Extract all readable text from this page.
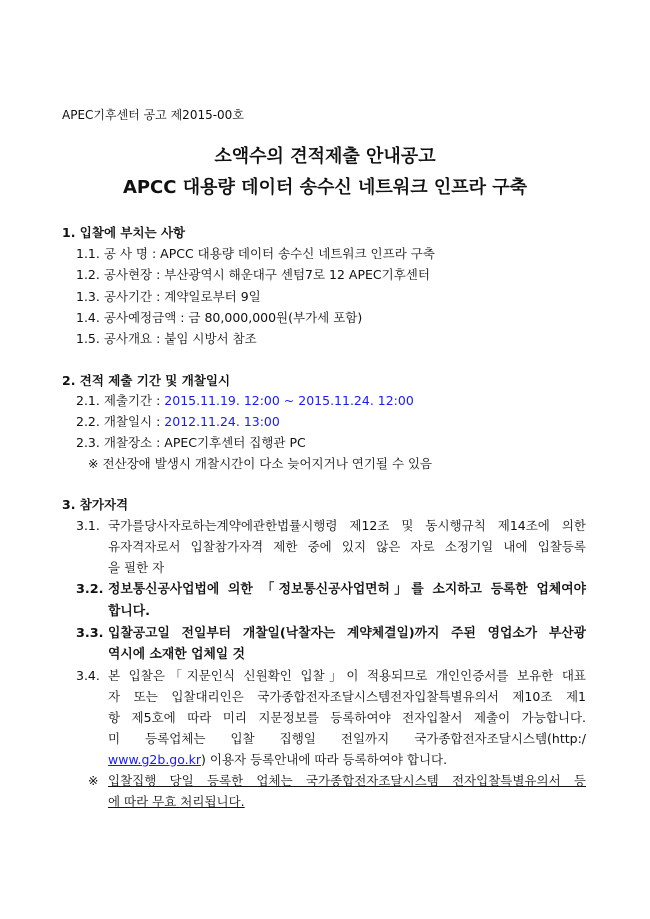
APEC기후센터 공고 제2015-00호
소액수의 견적제출 안내공고
APCC 대용량 데이터 송수신 네트워크 인프라 구축
1. 입찰에 부치는 사항
1.1. 공 사 명 : APCC 대용량 데이터 송수신 네트워크 인프라 구축
1.2. 공사현장 : 부산광역시 해운대구 센텀7로 12 APEC기후센터
1.3. 공사기간 : 계약일로부터 9일
1.4. 공사예정금액 : 금 80,000,000원(부가세 포함)
1.5. 공사개요 : 붙임 시방서 참조
2. 견적 제출 기간 및 개찰일시
2.1. 제출기간 : 2015.11.19. 12:00 ~ 2015.11.24. 12:00
2.2. 개찰일시 : 2012.11.24. 13:00
2.3. 개찰장소 : APEC기후센터 집행관 PC
※ 전산장애 발생시 개찰시간이 다소 늦어지거나 연기될 수 있음
3. 참가자격
3.1. 국가를당사자로하는계약에관한법률시행령 제12조 및 동시행규칙 제14조에 의한
유자격자로서 입찰참가자격 제한 중에 있지 않은 자로 소정기일 내에 입찰등록
을 필한 자
3.2. 정보통신공사업법에 의한 「정보통신공사업면허」를 소지하고 등록한 업체여야
합니다.
3.3. 입찰공고일 전일부터 개찰일(낙찰자는 계약체결일)까지 주된 영업소가 부산광
역시에 소재한 업체일 것
3.4. 본 입찰은「지문인식 신원확인 입찰」이 적용되므로 개인인증서를 보유한 대표
자 또는 입찰대리인은 국가종합전자조달시스템전자입찰특별유의서 제10조 제1
항 제5호에 따라 미리 지문정보를 등록하여야 전자입찰서 제출이 가능합니다.
미 등록업체는 입찰 집행일 전일까지 국가종합전자조달시스템(http:/
www.g2b.go.kr) 이용자 등록안내에 따라 등록하여야 합니다.
※ 입찰집행 당일 등록한 업체는 국가종합전자조달시스템 전자입찰특별유의서 등
에 따라 무효 처리됩니다.
